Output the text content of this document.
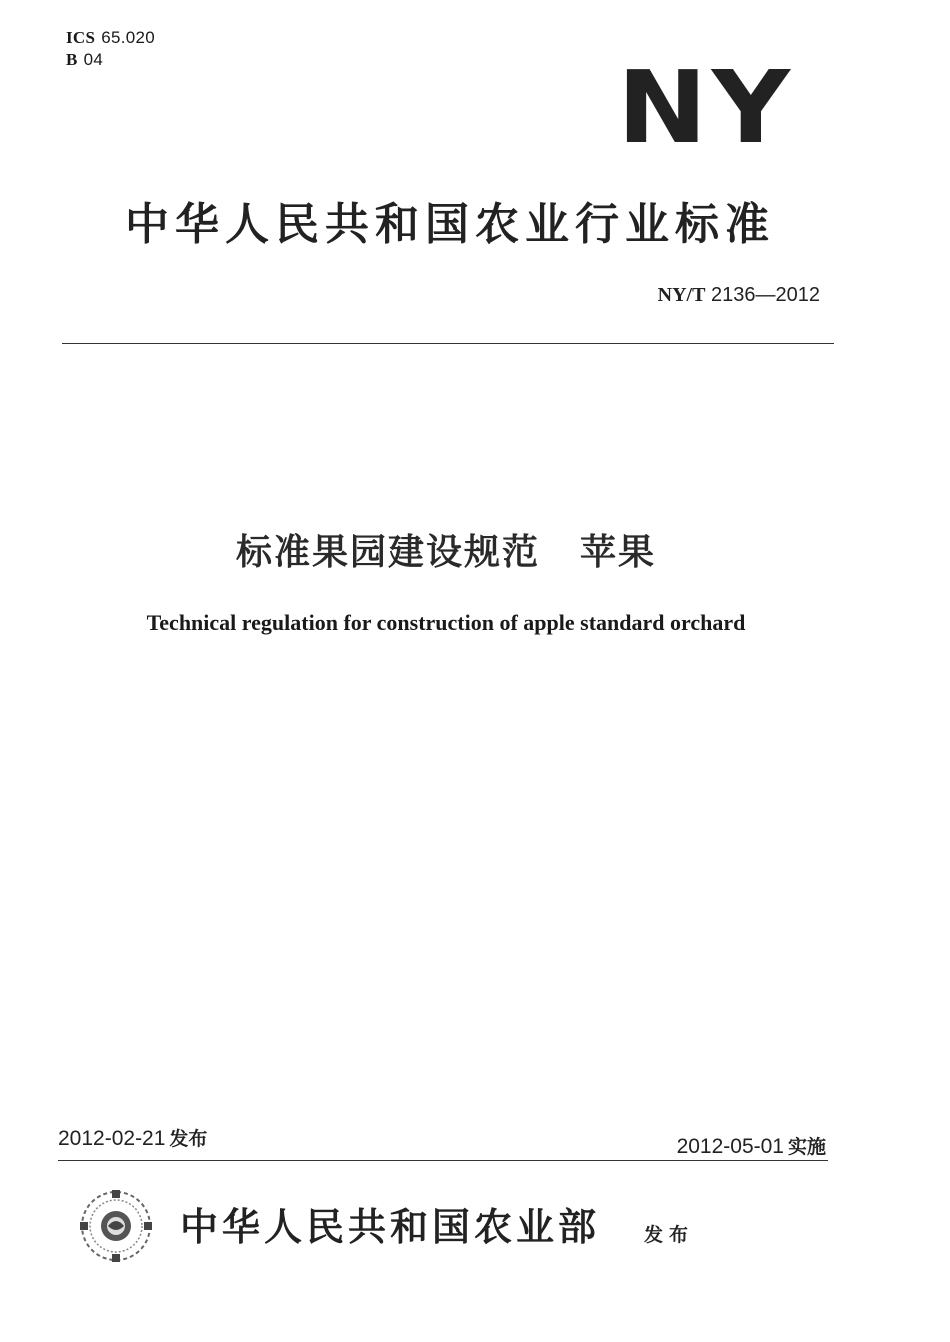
ICS 65.020
B 04	NY
中华人民共和国农业行业标准
NY/T 2136—2012
标准果园建设规范 苹果
Technical regulation for construction of apple standard orchard
2012-02-21 发布	2012-05-01 实施
中华人民共和国农业部 发布
